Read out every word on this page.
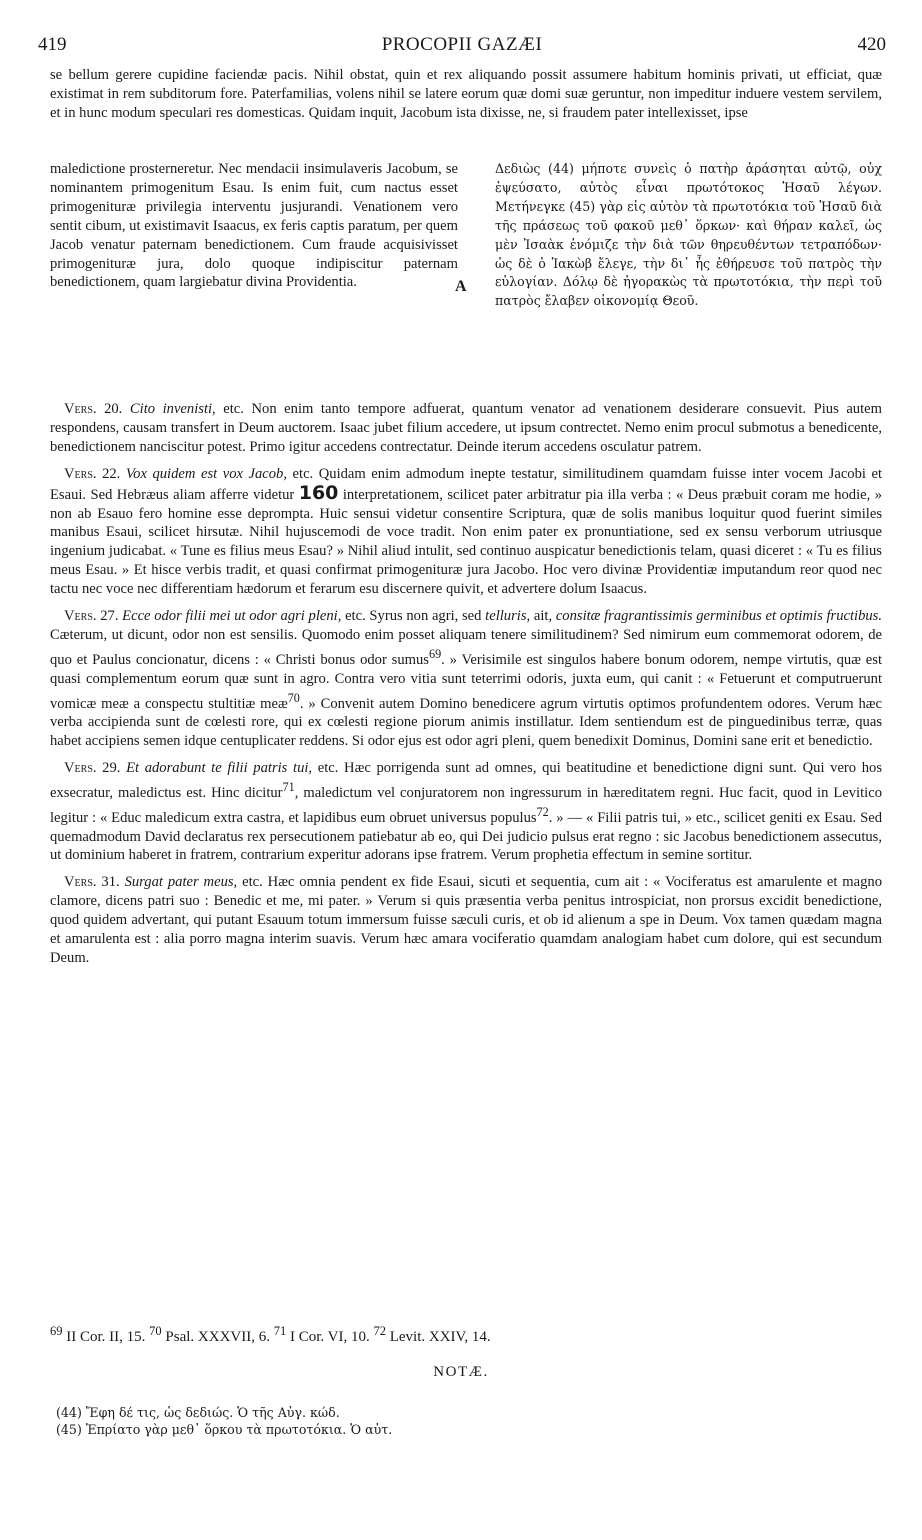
419	PROCOPII GAZÆI	420
se bellum gerere cupidine faciendæ pacis. Nihil obstat, quin et rex aliquando possit assumere habitum hominis privati, ut efficiat, quæ existimat in rem subditorum fore. Paterfamilias, volens nihil se latere eorum quæ domi suæ geruntur, non impeditur induere vestem servilem, et in hunc modum speculari res domesticas. Quidam inquit, Jacobum ista dixisse, ne, si fraudem pater intellexisset, ipse
maledictione prosterneretur. Nec mendacii insimulaveris Jacobum, se nominantem primogenitum Esau. Is enim fuit, cum nactus esset primogenituræ privilegia interventu jusjurandi. Venationem vero sentit cibum, ut existimavit Isaacus, ex feris captis paratum, per quem Jacob venatur paternam benedictionem. Cum fraude acquisivisset primogenituræ jura, dolo quoque indipiscitur paternam benedictionem, quam largiebatur divina Providentia.	A
Δεδιὼς (44) μήποτε συνεὶς ὁ πατὴρ ἀράσηται αὐτῷ, οὐχ ἐψεύσατο, αὐτὸς εἶναι πρωτότοκος Ἠσαῦ λέγων. Μετήνεγκε (45) γὰρ εἰς αὐτὸν τὰ πρωτοτόκια τοῦ Ἠσαῦ διὰ τῆς πράσεως τοῦ φακοῦ μεθ᾽ ὅρκων· καὶ θήραν καλεῖ, ὡς μὲν Ἰσαὰκ ἐνόμιζε τὴν διὰ τῶν θηρευθέντων τετραπόδων· ὡς δὲ ὁ Ἰακὼβ ἔλεγε, τὴν δι᾽ ἧς ἐθήρευσε τοῦ πατρὸς τὴν εὐλογίαν. Δόλῳ δὲ ἠγορακὼς τὰ πρωτοτόκια, τὴν περὶ τοῦ πατρὸς ἔλαβεν οἰκονομίᾳ Θεοῦ.

Vers. 20. Cito invenisti, etc. Non enim tanto tempore adfuerat, quantum venator ad venationem desiderare consuevit. Pius autem respondens, causam transfert in Deum auctorem. Isaac jubet filium accedere, ut ipsum contrectet. Nemo enim procul submotus a benedicente, benedictionem nanciscitur potest. Primo igitur accedens contrectatur. Deinde iterum accedens osculatur patrem.

Vers. 22. Vox quidem est vox Jacob, etc. Quidam enim admodum inepte testatur, similitudinem quamdam fuisse inter vocem Jacobi et Esaui. Sed Hebræus aliam afferre videtur 160 interpretationem, scilicet pater arbitratur pia illa verba : « Deus præbuit coram me hodie, » non ab Esauo fero homine esse deprompta. Huic sensui videtur consentire Scriptura, quæ de solis manibus loquitur quod fuerint similes manibus Esaui, scilicet hirsutæ. Nihil hujuscemodi de voce tradit. Non enim pater ex pronuntiatione, sed ex sensu verborum utriusque ingenium judicabat. « Tune es filius meus Esau? » Nihil aliud intulit, sed continuo auspicatur benedictionis telam, quasi diceret : « Tu es filius meus Esau. » Et hisce verbis tradit, et quasi confirmat primogenituræ jura Jacobo. Hoc vero divinæ Providentiæ imputandum reor quod nec tactu nec voce nec differentiam hædorum et ferarum esu discernere quivit, et advertere dolum Isaacus.

Vers. 27. Ecce odor filii mei ut odor agri pleni, etc. Syrus non agri, sed telluris, ait, consitæ fragrantissimis germinibus et optimis fructibus. Cæterum, ut dicunt, odor non est sensilis. Quomodo enim posset aliquam tenere similitudinem? Sed nimirum eum commemorat odorem, de quo et Paulus concionatur, dicens : « Christi bonus odor sumus$^{69}$. » Verisimile est singulos habere bonum odorem, nempe virtutis, quæ est quasi complementum eorum quæ sunt in agro. Contra vero vitia sunt teterrimi odoris, juxta eum, qui canit : « Fetuerunt et computruerunt vomicæ meæ a conspectu stultitiæ meæ$^{70}$. » Convenit autem Domino benedicere agrum virtutis optimos profundentem odores. Verum hæc verba accipienda sunt de cœlesti rore, qui ex cœlesti regione piorum animis instillatur. Idem sentiendum est de pinguedinibus terræ, quas habet accipiens semen idque centuplicater reddens. Si odor ejus est odor agri pleni, quem benedixit Dominus, Domini sane erit et benedictio.

Vers. 29. Et adorabunt te filii patris tui, etc. Hæc porrigenda sunt ad omnes, qui beatitudine et benedictione digni sunt. Qui vero hos exsecratur, maledictus est. Hinc dicitur$^{71}$, maledictum vel conjuratorem non ingressurum in hæreditatem regni. Huc facit, quod in Levitico legitur : « Educ maledicum extra castra, et lapidibus eum obruet universus populus$^{72}$. » — « Filii patris tui, » etc., scilicet geniti ex Esau. Sed quemadmodum David declaratus rex persecutionem patiebatur ab eo, qui Dei judicio pulsus erat regno : sic Jacobus benedictionem assecutus, ut dominium haberet in fratrem, contrarium experitur adorans ipse fratrem. Verum prophetia effectum in semine sortitur.

Vers. 31. Surgat pater meus, etc. Hæc omnia pendent ex fide Esaui, sicuti et sequentia, cum ait : « Vociferatus est amarulente et magno clamore, dicens patri suo : Benedic et me, mi pater. » Verum si quis præsentia verba penitus introspiciat, non prorsus excidit benedictione, quod quidem advertant, qui putant Esauum totum immersum fuisse sæculi curis, et ob id alienum a spe in Deum. Vox tamen quædam magna et amarulenta est : alia porro magna interim suavis. Verum hæc amara vociferatio quamdam analogiam habet cum dolore, qui est secundum Deum.

$^{69}$ II Cor. II, 15. $^{70}$ Psal. XXXVII, 6. $^{71}$ I Cor. VI, 10. $^{72}$ Levit. XXIV, 14.
NOTÆ.
(44) Ἔφη δέ τις, ὡς δεδιώς. Ὁ τῆς Αὐγ. κώδ.
(45) Ἐπρίατο γὰρ μεθ᾽ ὅρκου τὰ πρωτοτόκια. Ὁ αὐτ.
